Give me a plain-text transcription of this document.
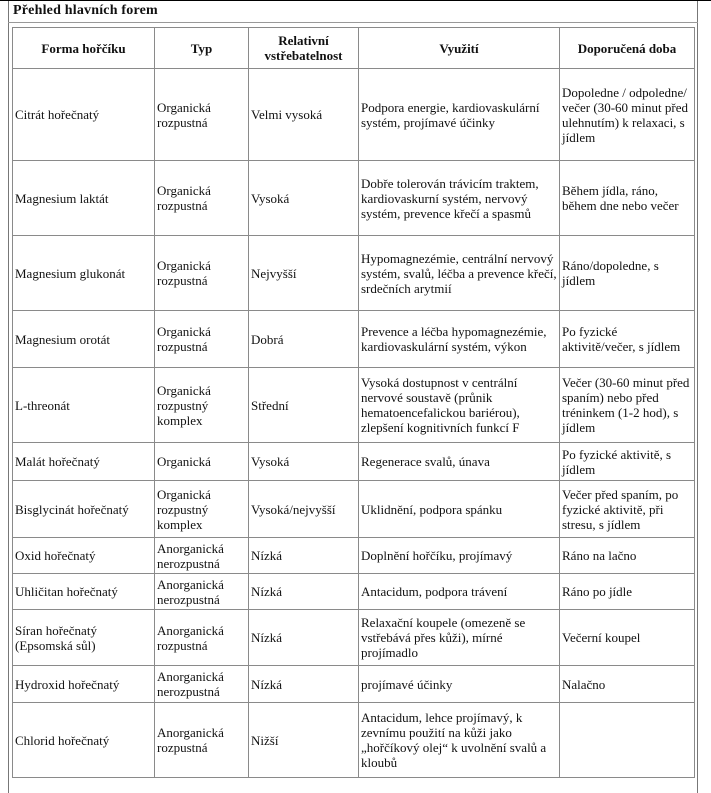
Přehled hlavních forem
Forma hořčíku	Typ	Relativní vstřebatelnost	Využití	Doporučená doba
Citrát hořečnatý	Organická rozpustná	Velmi vysoká	Podpora energie, kardiovaskulární systém, projímavé účinky	Dopoledne / odpoledne/ večer (30-60 minut před ulehnutím) k relaxaci, s jídlem
Magnesium laktát	Organická rozpustná	Vysoká	Dobře tolerován trávicím traktem, kardiovaskurní systém, nervový systém, prevence křečí a spasmů	Během jídla, ráno, během dne nebo večer
Magnesium glukonát	Organická rozpustná	Nejvyšší	Hypomagnezémie, centrální nervový systém, svalů, léčba a prevence křečí, srdečních arytmií	Ráno/dopoledne, s jídlem
Magnesium orotát	Organická rozpustná	Dobrá	Prevence a léčba hypomagnezémie, kardiovaskulární systém, výkon	Po fyzické aktivitě/večer, s jídlem
L-threonát	Organická rozpustný komplex	Střední	Vysoká dostupnost v centrální nervové soustavě (průnik hematoencefalickou bariérou), zlepšení kognitivních funkcí F	Večer (30-60 minut před spaním) nebo před tréninkem (1-2 hod), s jídlem
Malát hořečnatý	Organická	Vysoká	Regenerace svalů, únava	Po fyzické aktivitě, s jídlem
Bisglycinát hořečnatý	Organická rozpustný komplex	Vysoká/nejvyšší	Uklidnění, podpora spánku	Večer před spaním, po fyzické aktivitě, při stresu, s jídlem
Oxid hořečnatý	Anorganická nerozpustná	Nízká	Doplnění hořčíku, projímavý	Ráno na lačno
Uhličitan hořečnatý	Anorganická nerozpustná	Nízká	Antacidum, podpora trávení	Ráno po jídle
Síran hořečnatý (Epsomská sůl)	Anorganická rozpustná	Nízká	Relaxační koupele (omezeně se vstřebává přes kůži), mírné projímadlo	Večerní koupel
Hydroxid hořečnatý	Anorganická nerozpustná	Nízká	projímavé účinky	Nalačno
Chlorid hořečnatý	Anorganická rozpustná	Nižší	Antacidum, lehce projímavý, k zevnímu použití na kůži jako „hořčíkový olej“ k uvolnění svalů a kloubů	
